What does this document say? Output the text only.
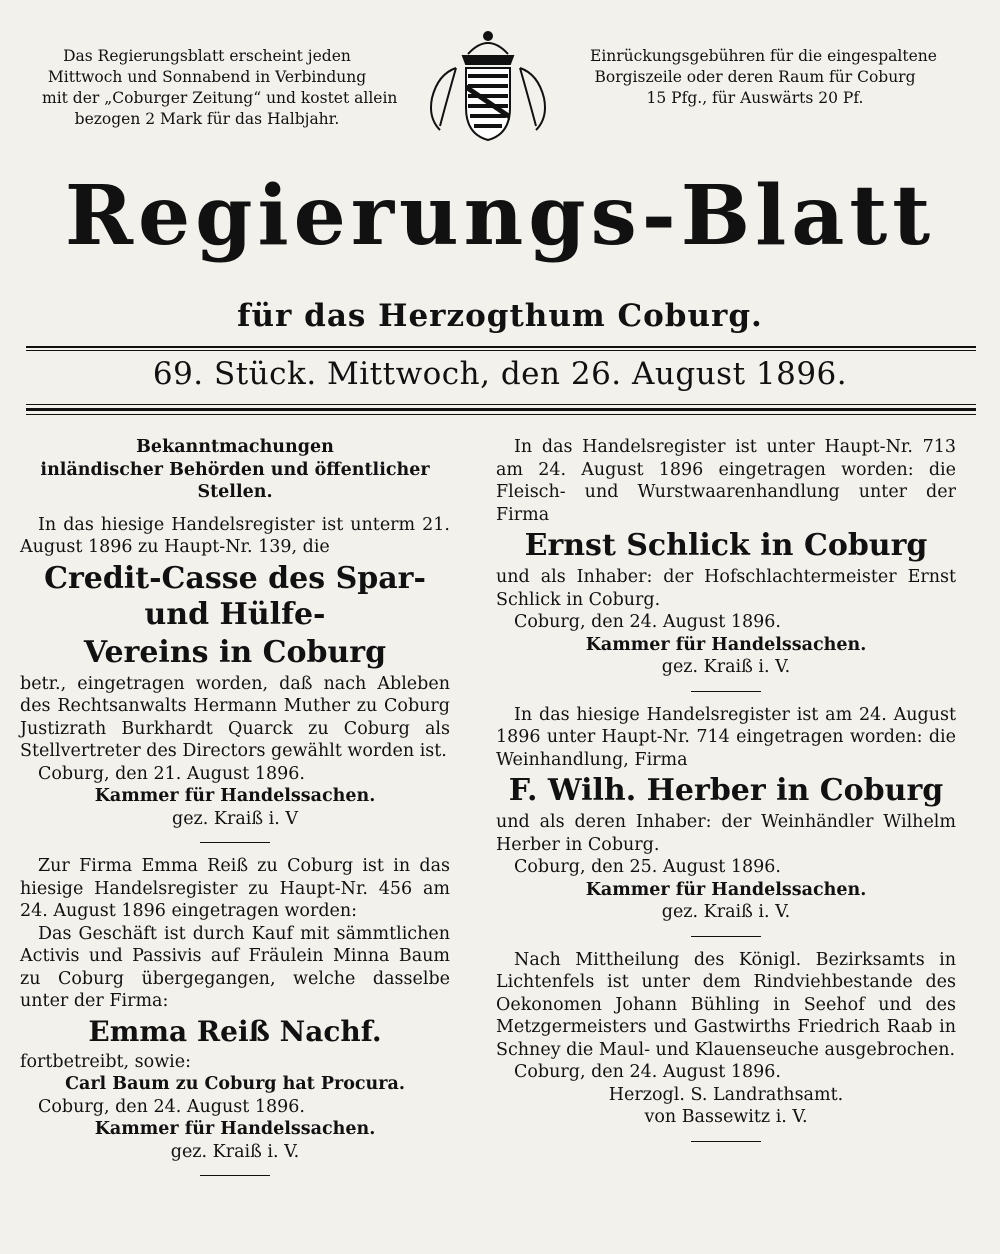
Das Regierungsblatt erscheint jeden
Mittwoch und Sonnabend in Verbindung
mit der „Coburger Zeitung“ und kostet allein
bezogen 2 Mark für das Halbjahr.
Einrückungsgebühren für die eingespaltene
Borgiszeile oder deren Raum für Coburg
15 Pfg., für Auswärts 20 Pf.
Regierungs-Blatt
für das Herzogthum Coburg.
69. Stück. Mittwoch, den 26. August 1896.

Bekanntmachungen

inländischer Behörden und öffentlicher Stellen.

In das hiesige Handelsregister ist unterm 21. August 1896 zu Haupt-Nr. 139, die

Credit-Casse des Spar- und Hülfe-

Vereins in Coburg

betr., eingetragen worden, daß nach Ableben des Rechtsanwalts Hermann Muther zu Coburg Justizrath Burkhardt Quarck zu Coburg als Stellvertreter des Directors gewählt worden ist.

Coburg, den 21. August 1896.

Kammer für Handelssachen.

gez. Kraiß i. V

Zur Firma Emma Reiß zu Coburg ist in das hiesige Handelsregister zu Haupt-Nr. 456 am 24. August 1896 eingetragen worden:

Das Geschäft ist durch Kauf mit sämmtlichen Activis und Passivis auf Fräulein Minna Baum zu Coburg übergegangen, welche dasselbe unter der Firma:

Emma Reiß Nachf.

fortbetreibt, sowie:

Carl Baum zu Coburg hat Procura.

Coburg, den 24. August 1896.

Kammer für Handelssachen.

gez. Kraiß i. V.

In das Handelsregister ist unter Haupt-Nr. 713 am 24. August 1896 eingetragen worden: die Fleisch- und Wurstwaarenhandlung unter der Firma

Ernst Schlick in Coburg

und als Inhaber: der Hofschlachtermeister Ernst Schlick in Coburg.

Coburg, den 24. August 1896.

Kammer für Handelssachen.

gez. Kraiß i. V.

In das hiesige Handelsregister ist am 24. August 1896 unter Haupt-Nr. 714 eingetragen worden: die Weinhandlung, Firma

F. Wilh. Herber in Coburg

und als deren Inhaber: der Weinhändler Wilhelm Herber in Coburg.

Coburg, den 25. August 1896.

Kammer für Handelssachen.

gez. Kraiß i. V.

Nach Mittheilung des Königl. Bezirksamts in Lichtenfels ist unter dem Rindviehbestande des Oekonomen Johann Bühling in Seehof und des Metzgermeisters und Gastwirths Friedrich Raab in Schney die Maul- und Klauenseuche ausgebrochen.

Coburg, den 24. August 1896.

Herzogl. S. Landrathsamt.

von Bassewitz i. V.
